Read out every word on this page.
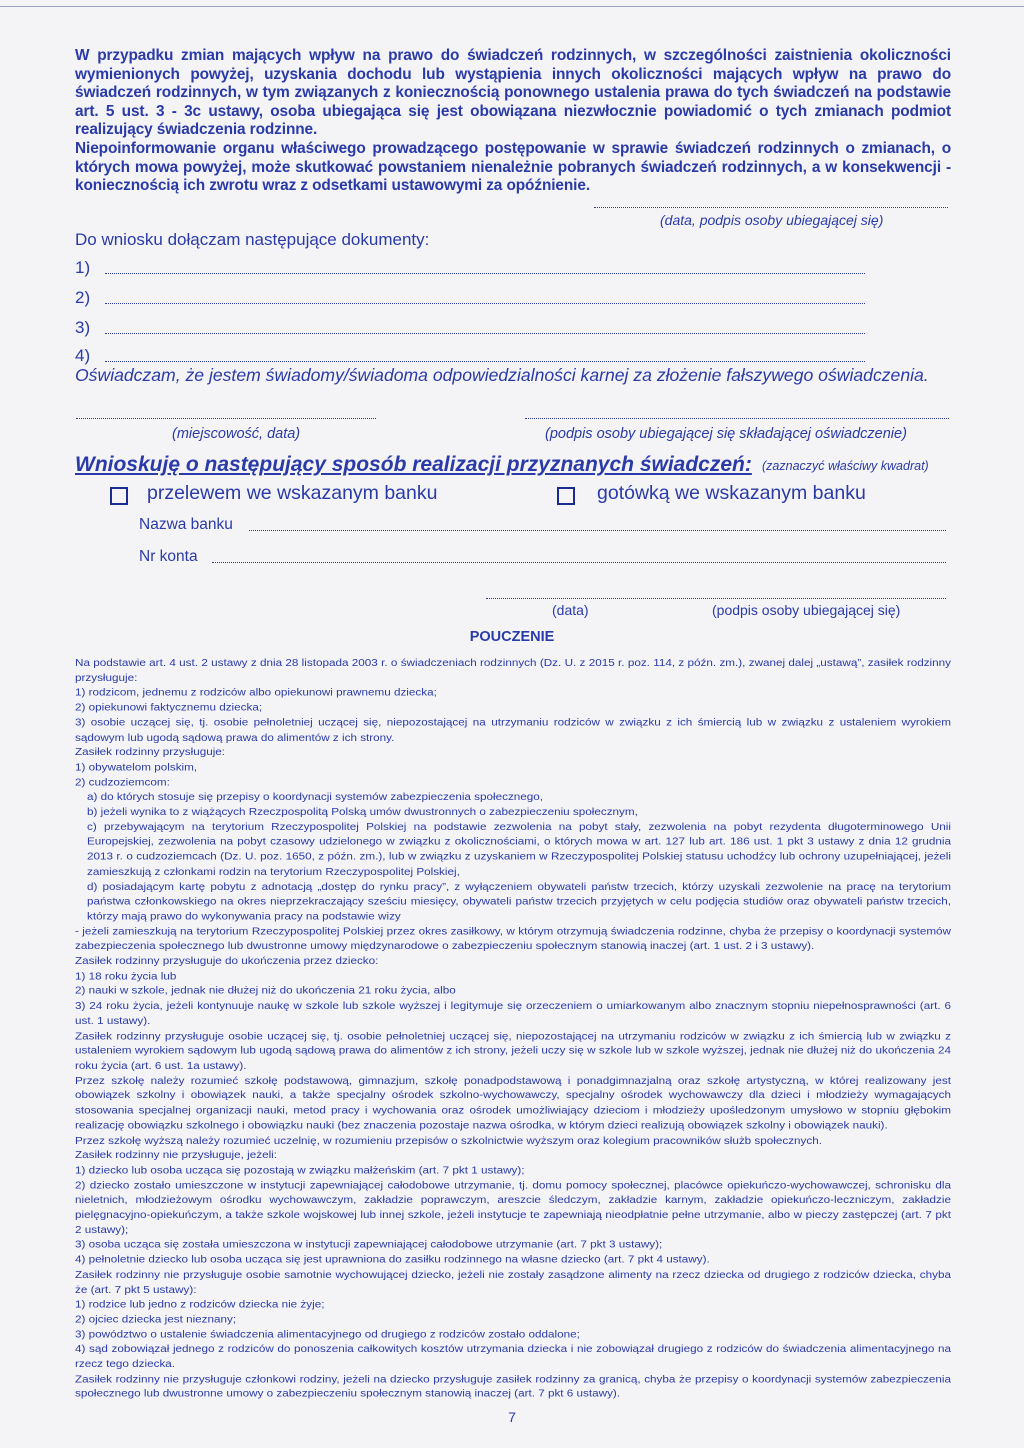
W przypadku zmian mających wpływ na prawo do świadczeń rodzinnych, w szczególności zaistnienia okoliczności wymienionych powyżej, uzyskania dochodu lub wystąpienia innych okoliczności mających wpływ na prawo do świadczeń rodzinnych, w tym związanych z koniecznością ponownego ustalenia prawa do tych świadczeń na podstawie art. 5 ust. 3 - 3c ustawy, osoba ubiegająca się jest obowiązana niezwłocznie powiadomić o tych zmianach podmiot realizujący świadczenia rodzinne.

Niepoinformowanie organu właściwego prowadzącego postępowanie w sprawie świadczeń rodzinnych o zmianach, o których mowa powyżej, może skutkować powstaniem nienależnie pobranych świadczeń rodzinnych, a w konsekwencji - koniecznością ich zwrotu wraz z odsetkami ustawowymi za opóźnienie.

(data, podpis osoby ubiegającej się)
Do wniosku dołączam następujące dokumenty:
1)
2)
3)
4)
Oświadczam, że jestem świadomy/świadoma odpowiedzialności karnej za złożenie fałszywego oświadczenia.
(miejscowość, data)	(podpis osoby ubiegającej się składającej oświadczenie)
Wnioskuję o następujący sposób realizacji przyznanych świadczeń: (zaznaczyć właściwy kwadrat)
przelewem we wskazanym banku	gotówką we wskazanym banku
Nazwa banku
Nr konta
(data)	(podpis osoby ubiegającej się)
POUCZENIE

Na podstawie art. 4 ust. 2 ustawy z dnia 28 listopada 2003 r. o świadczeniach rodzinnych (Dz. U. z 2015 r. poz. 114, z późn. zm.), zwanej dalej „ustawą”, zasiłek rodzinny przysługuje:

1) rodzicom, jednemu z rodziców albo opiekunowi prawnemu dziecka;

2) opiekunowi faktycznemu dziecka;

3) osobie uczącej się, tj. osobie pełnoletniej uczącej się, niepozostającej na utrzymaniu rodziców w związku z ich śmiercią lub w związku z ustaleniem wyrokiem sądowym lub ugodą sądową prawa do alimentów z ich strony.

Zasiłek rodzinny przysługuje:

1) obywatelom polskim,

2) cudzoziemcom:

a) do których stosuje się przepisy o koordynacji systemów zabezpieczenia społecznego,

b) jeżeli wynika to z wiążących Rzeczpospolitą Polską umów dwustronnych o zabezpieczeniu społecznym,

c) przebywającym na terytorium Rzeczypospolitej Polskiej na podstawie zezwolenia na pobyt stały, zezwolenia na pobyt rezydenta długoterminowego Unii Europejskiej, zezwolenia na pobyt czasowy udzielonego w związku z okolicznościami, o których mowa w art. 127 lub art. 186 ust. 1 pkt 3 ustawy z dnia 12 grudnia 2013 r. o cudzoziemcach (Dz. U. poz. 1650, z późn. zm.), lub w związku z uzyskaniem w Rzeczypospolitej Polskiej statusu uchodźcy lub ochrony uzupełniającej, jeżeli zamieszkują z członkami rodzin na terytorium Rzeczypospolitej Polskiej,

d) posiadającym kartę pobytu z adnotacją „dostęp do rynku pracy”, z wyłączeniem obywateli państw trzecich, którzy uzyskali zezwolenie na pracę na terytorium państwa członkowskiego na okres nieprzekraczający sześciu miesięcy, obywateli państw trzecich przyjętych w celu podjęcia studiów oraz obywateli państw trzecich, którzy mają prawo do wykonywania pracy na podstawie wizy

- jeżeli zamieszkują na terytorium Rzeczypospolitej Polskiej przez okres zasiłkowy, w którym otrzymują świadczenia rodzinne, chyba że przepisy o koordynacji systemów zabezpieczenia społecznego lub dwustronne umowy międzynarodowe o zabezpieczeniu społecznym stanowią inaczej (art. 1 ust. 2 i 3 ustawy).

Zasiłek rodzinny przysługuje do ukończenia przez dziecko:

1) 18 roku życia lub

2) nauki w szkole, jednak nie dłużej niż do ukończenia 21 roku życia, albo

3) 24 roku życia, jeżeli kontynuuje naukę w szkole lub szkole wyższej i legitymuje się orzeczeniem o umiarkowanym albo znacznym stopniu niepełnosprawności (art. 6 ust. 1 ustawy).

Zasiłek rodzinny przysługuje osobie uczącej się, tj. osobie pełnoletniej uczącej się, niepozostającej na utrzymaniu rodziców w związku z ich śmiercią lub w związku z ustaleniem wyrokiem sądowym lub ugodą sądową prawa do alimentów z ich strony, jeżeli uczy się w szkole lub w szkole wyższej, jednak nie dłużej niż do ukończenia 24 roku życia (art. 6 ust. 1a ustawy).

Przez szkołę należy rozumieć szkołę podstawową, gimnazjum, szkołę ponadpodstawową i ponadgimnazjalną oraz szkołę artystyczną, w której realizowany jest obowiązek szkolny i obowiązek nauki, a także specjalny ośrodek szkolno-wychowawczy, specjalny ośrodek wychowawczy dla dzieci i młodzieży wymagających stosowania specjalnej organizacji nauki, metod pracy i wychowania oraz ośrodek umożliwiający dzieciom i młodzieży upośledzonym umysłowo w stopniu głębokim realizację obowiązku szkolnego i obowiązku nauki (bez znaczenia pozostaje nazwa ośrodka, w którym dzieci realizują obowiązek szkolny i obowiązek nauki).

Przez szkołę wyższą należy rozumieć uczelnię, w rozumieniu przepisów o szkolnictwie wyższym oraz kolegium pracowników służb społecznych.

Zasiłek rodzinny nie przysługuje, jeżeli:

1) dziecko lub osoba ucząca się pozostają w związku małżeńskim (art. 7 pkt 1 ustawy);

2) dziecko zostało umieszczone w instytucji zapewniającej całodobowe utrzymanie, tj. domu pomocy społecznej, placówce opiekuńczo-wychowawczej, schronisku dla nieletnich, młodzieżowym ośrodku wychowawczym, zakładzie poprawczym, areszcie śledczym, zakładzie karnym, zakładzie opiekuńczo-leczniczym, zakładzie pielęgnacyjno-opiekuńczym, a także szkole wojskowej lub innej szkole, jeżeli instytucje te zapewniają nieodpłatnie pełne utrzymanie, albo w pieczy zastępczej (art. 7 pkt 2 ustawy);

3) osoba ucząca się została umieszczona w instytucji zapewniającej całodobowe utrzymanie (art. 7 pkt 3 ustawy);

4) pełnoletnie dziecko lub osoba ucząca się jest uprawniona do zasiłku rodzinnego na własne dziecko (art. 7 pkt 4 ustawy).

Zasiłek rodzinny nie przysługuje osobie samotnie wychowującej dziecko, jeżeli nie zostały zasądzone alimenty na rzecz dziecka od drugiego z rodziców dziecka, chyba że (art. 7 pkt 5 ustawy):

1) rodzice lub jedno z rodziców dziecka nie żyje;

2) ojciec dziecka jest nieznany;

3) powództwo o ustalenie świadczenia alimentacyjnego od drugiego z rodziców zostało oddalone;

4) sąd zobowiązał jednego z rodziców do ponoszenia całkowitych kosztów utrzymania dziecka i nie zobowiązał drugiego z rodziców do świadczenia alimentacyjnego na rzecz tego dziecka.

Zasiłek rodzinny nie przysługuje członkowi rodziny, jeżeli na dziecko przysługuje zasiłek rodzinny za granicą, chyba że przepisy o koordynacji systemów zabezpieczenia społecznego lub dwustronne umowy o zabezpieczeniu społecznym stanowią inaczej (art. 7 pkt 6 ustawy).

7
